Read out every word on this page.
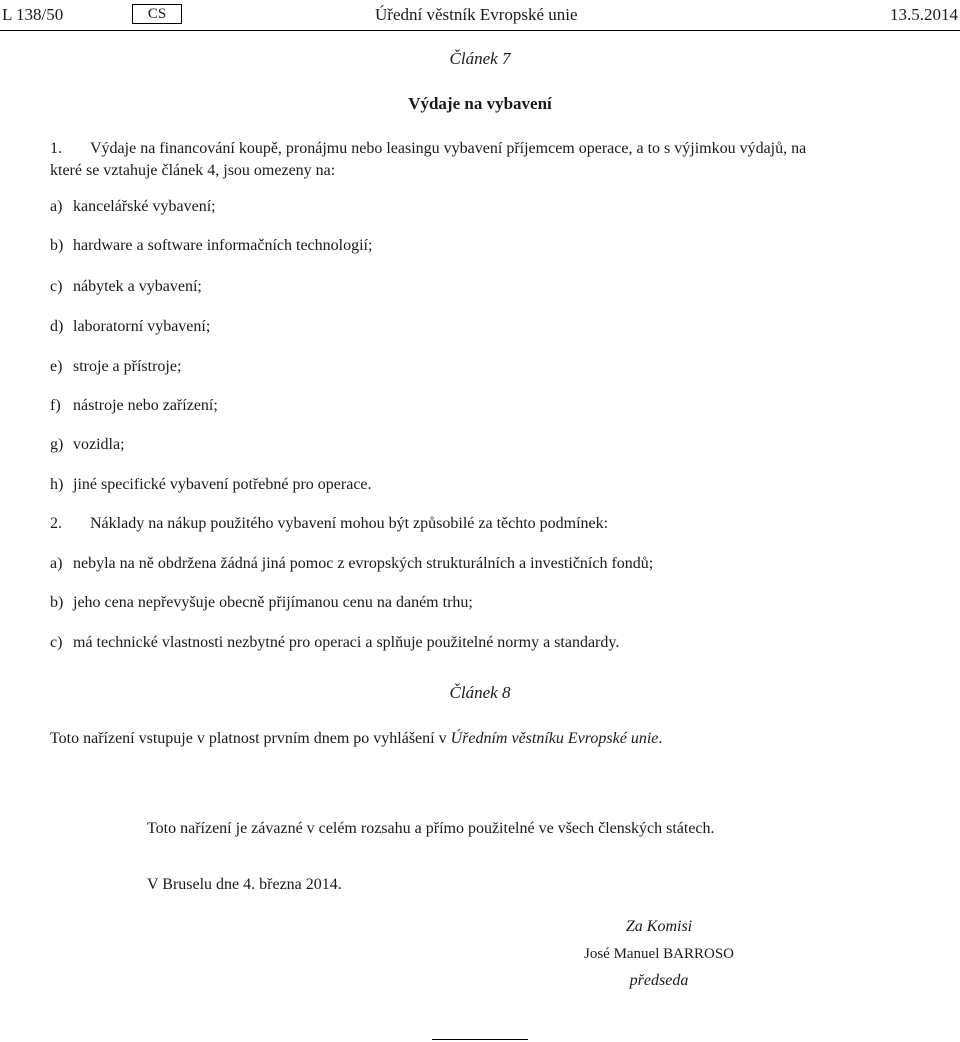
L 138/50	CS	Úřední věstník Evropské unie	13.5.2014
Článek 7
Výdaje na vybavení
1. Výdaje na financování koupě, pronájmu nebo leasingu vybavení příjemcem operace, a to s výjimkou výdajů, na
které se vztahuje článek 4, jsou omezeny na:
a) kancelářské vybavení;
b) hardware a software informačních technologií;
c) nábytek a vybavení;
d) laboratorní vybavení;
e) stroje a přístroje;
f) nástroje nebo zařízení;
g) vozidla;
h) jiné specifické vybavení potřebné pro operace.
2. Náklady na nákup použitého vybavení mohou být způsobilé za těchto podmínek:
a) nebyla na ně obdržena žádná jiná pomoc z evropských strukturálních a investičních fondů;
b) jeho cena nepřevyšuje obecně přijímanou cenu na daném trhu;
c) má technické vlastnosti nezbytné pro operaci a splňuje použitelné normy a standardy.
Článek 8
Toto nařízení vstupuje v platnost prvním dnem po vyhlášení v Úředním věstníku Evropské unie.
Toto nařízení je závazné v celém rozsahu a přímo použitelné ve všech členských státech.
V Bruselu dne 4. března 2014.
Za Komisi
José Manuel BARROSO
předseda
